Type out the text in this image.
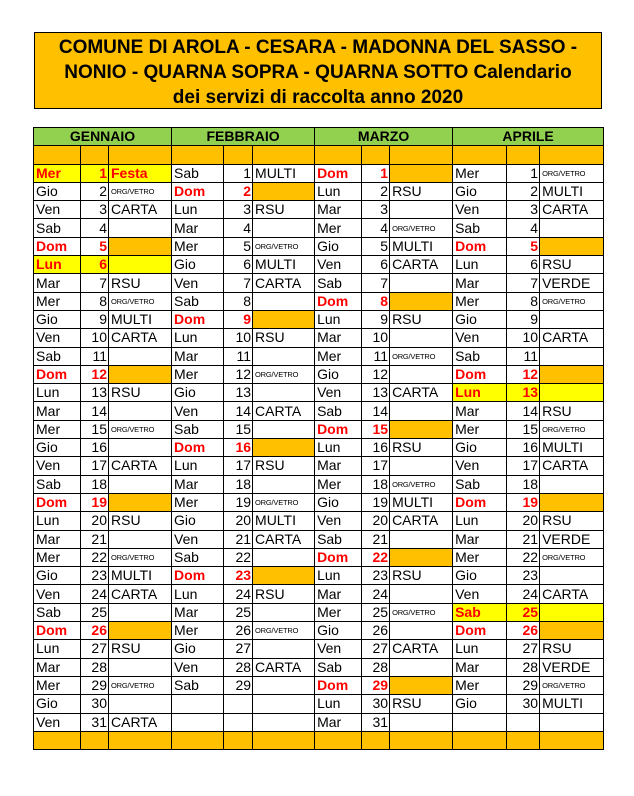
COMUNE DI AROLA - CESARA - MADONNA DEL SASSO -
NONIO - QUARNA SOPRA - QUARNA SOTTO Calendario
dei servizi di raccolta anno 2020
GENNAIO			FEBBRAIO			MARZO			APRILE		

Mer	1	Festa	Sab	1	MULTI	Dom	1		Mer	1	ORG/VETRO
Gio	2	ORG/VETRO	Dom	2		Lun	2	RSU	Gio	2	MULTI
Ven	3	CARTA	Lun	3	RSU	Mar	3		Ven	3	CARTA
Sab	4		Mar	4		Mer	4	ORG/VETRO	Sab	4	
Dom	5		Mer	5	ORG/VETRO	Gio	5	MULTI	Dom	5	
Lun	6		Gio	6	MULTI	Ven	6	CARTA	Lun	6	RSU
Mar	7	RSU	Ven	7	CARTA	Sab	7		Mar	7	VERDE
Mer	8	ORG/VETRO	Sab	8		Dom	8		Mer	8	ORG/VETRO
Gio	9	MULTI	Dom	9		Lun	9	RSU	Gio	9	
Ven	10	CARTA	Lun	10	RSU	Mar	10		Ven	10	CARTA
Sab	11		Mar	11		Mer	11	ORG/VETRO	Sab	11	
Dom	12		Mer	12	ORG/VETRO	Gio	12		Dom	12	
Lun	13	RSU	Gio	13		Ven	13	CARTA	Lun	13	
Mar	14		Ven	14	CARTA	Sab	14		Mar	14	RSU
Mer	15	ORG/VETRO	Sab	15		Dom	15		Mer	15	ORG/VETRO
Gio	16		Dom	16		Lun	16	RSU	Gio	16	MULTI
Ven	17	CARTA	Lun	17	RSU	Mar	17		Ven	17	CARTA
Sab	18		Mar	18		Mer	18	ORG/VETRO	Sab	18	
Dom	19		Mer	19	ORG/VETRO	Gio	19	MULTI	Dom	19	
Lun	20	RSU	Gio	20	MULTI	Ven	20	CARTA	Lun	20	RSU
Mar	21		Ven	21	CARTA	Sab	21		Mar	21	VERDE
Mer	22	ORG/VETRO	Sab	22		Dom	22		Mer	22	ORG/VETRO
Gio	23	MULTI	Dom	23		Lun	23	RSU	Gio	23	
Ven	24	CARTA	Lun	24	RSU	Mar	24		Ven	24	CARTA
Sab	25		Mar	25		Mer	25	ORG/VETRO	Sab	25	
Dom	26		Mer	26	ORG/VETRO	Gio	26		Dom	26	
Lun	27	RSU	Gio	27		Ven	27	CARTA	Lun	27	RSU
Mar	28		Ven	28	CARTA	Sab	28		Mar	28	VERDE
Mer	29	ORG/VETRO	Sab	29		Dom	29		Mer	29	ORG/VETRO
Gio	30					Lun	30	RSU	Gio	30	MULTI
Ven	31	CARTA				Mar	31				
